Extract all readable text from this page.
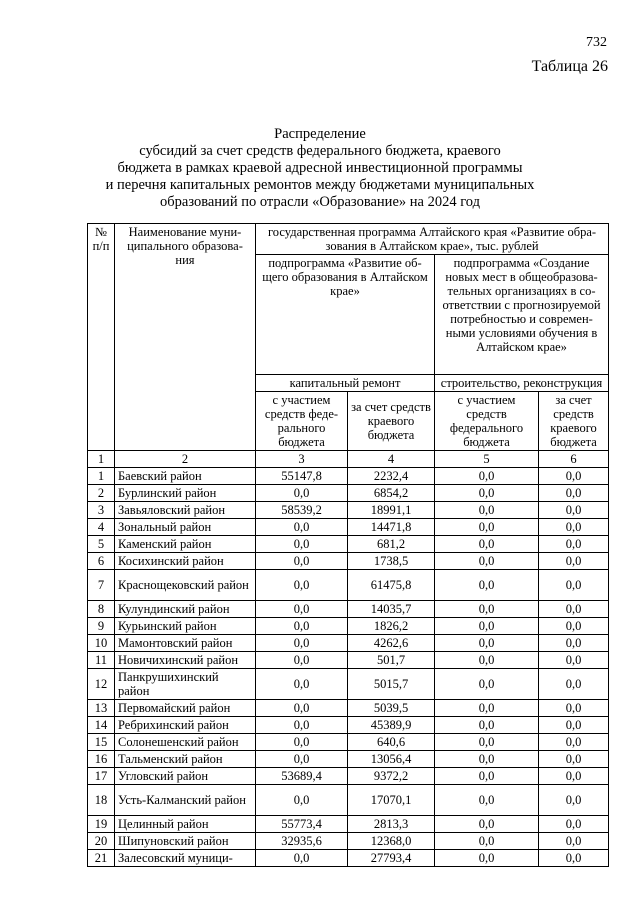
732
Таблица 26
Распределение
субсидий за счет средств федерального бюджета, краевого
бюджета в рамках краевой адресной инвестиционной программы
и перечня капитальных ремонтов между бюджетами муниципальных
образований по отрасли «Образование» на 2024 год
№ п/п	Наименование муни-ципального образова-ния	государственная программа Алтайского края «Развитие обра-зования в Алтайском крае», тыс. рублей			
		подпрограмма «Развитие об-щего образования в Алтайском крае»		подпрограмма «Создание новых мест в общеобразова-тельных организациях в со-ответствии с прогнозируемой потребностью и современ-ными условиями обучения в Алтайском крае»	
		капитальный ремонт		строительство, реконструкция	
		с участием средств феде-рального бюджета	за счет средств краевого бюджета	с участием средств федерального бюджета	за счет средств краевого бюджета
1	2	3	4	5	6
1	Баевский район	55147,8	2232,4	0,0	0,0
2	Бурлинский район	0,0	6854,2	0,0	0,0
3	Завьяловский район	58539,2	18991,1	0,0	0,0
4	Зональный район	0,0	14471,8	0,0	0,0
5	Каменский район	0,0	681,2	0,0	0,0
6	Косихинский район	0,0	1738,5	0,0	0,0
7	Краснощековский район	0,0	61475,8	0,0	0,0
8	Кулундинский район	0,0	14035,7	0,0	0,0
9	Курьинский район	0,0	1826,2	0,0	0,0
10	Мамонтовский район	0,0	4262,6	0,0	0,0
11	Новичихинский район	0,0	501,7	0,0	0,0
12	Панкрушихинский район	0,0	5015,7	0,0	0,0
13	Первомайский район	0,0	5039,5	0,0	0,0
14	Ребрихинский район	0,0	45389,9	0,0	0,0
15	Солонешенский район	0,0	640,6	0,0	0,0
16	Тальменский район	0,0	13056,4	0,0	0,0
17	Угловский район	53689,4	9372,2	0,0	0,0
18	Усть-Калманский район	0,0	17070,1	0,0	0,0
19	Целинный район	55773,4	2813,3	0,0	0,0
20	Шипуновский район	32935,6	12368,0	0,0	0,0
21	Залесовский муници-	0,0	27793,4	0,0	0,0
